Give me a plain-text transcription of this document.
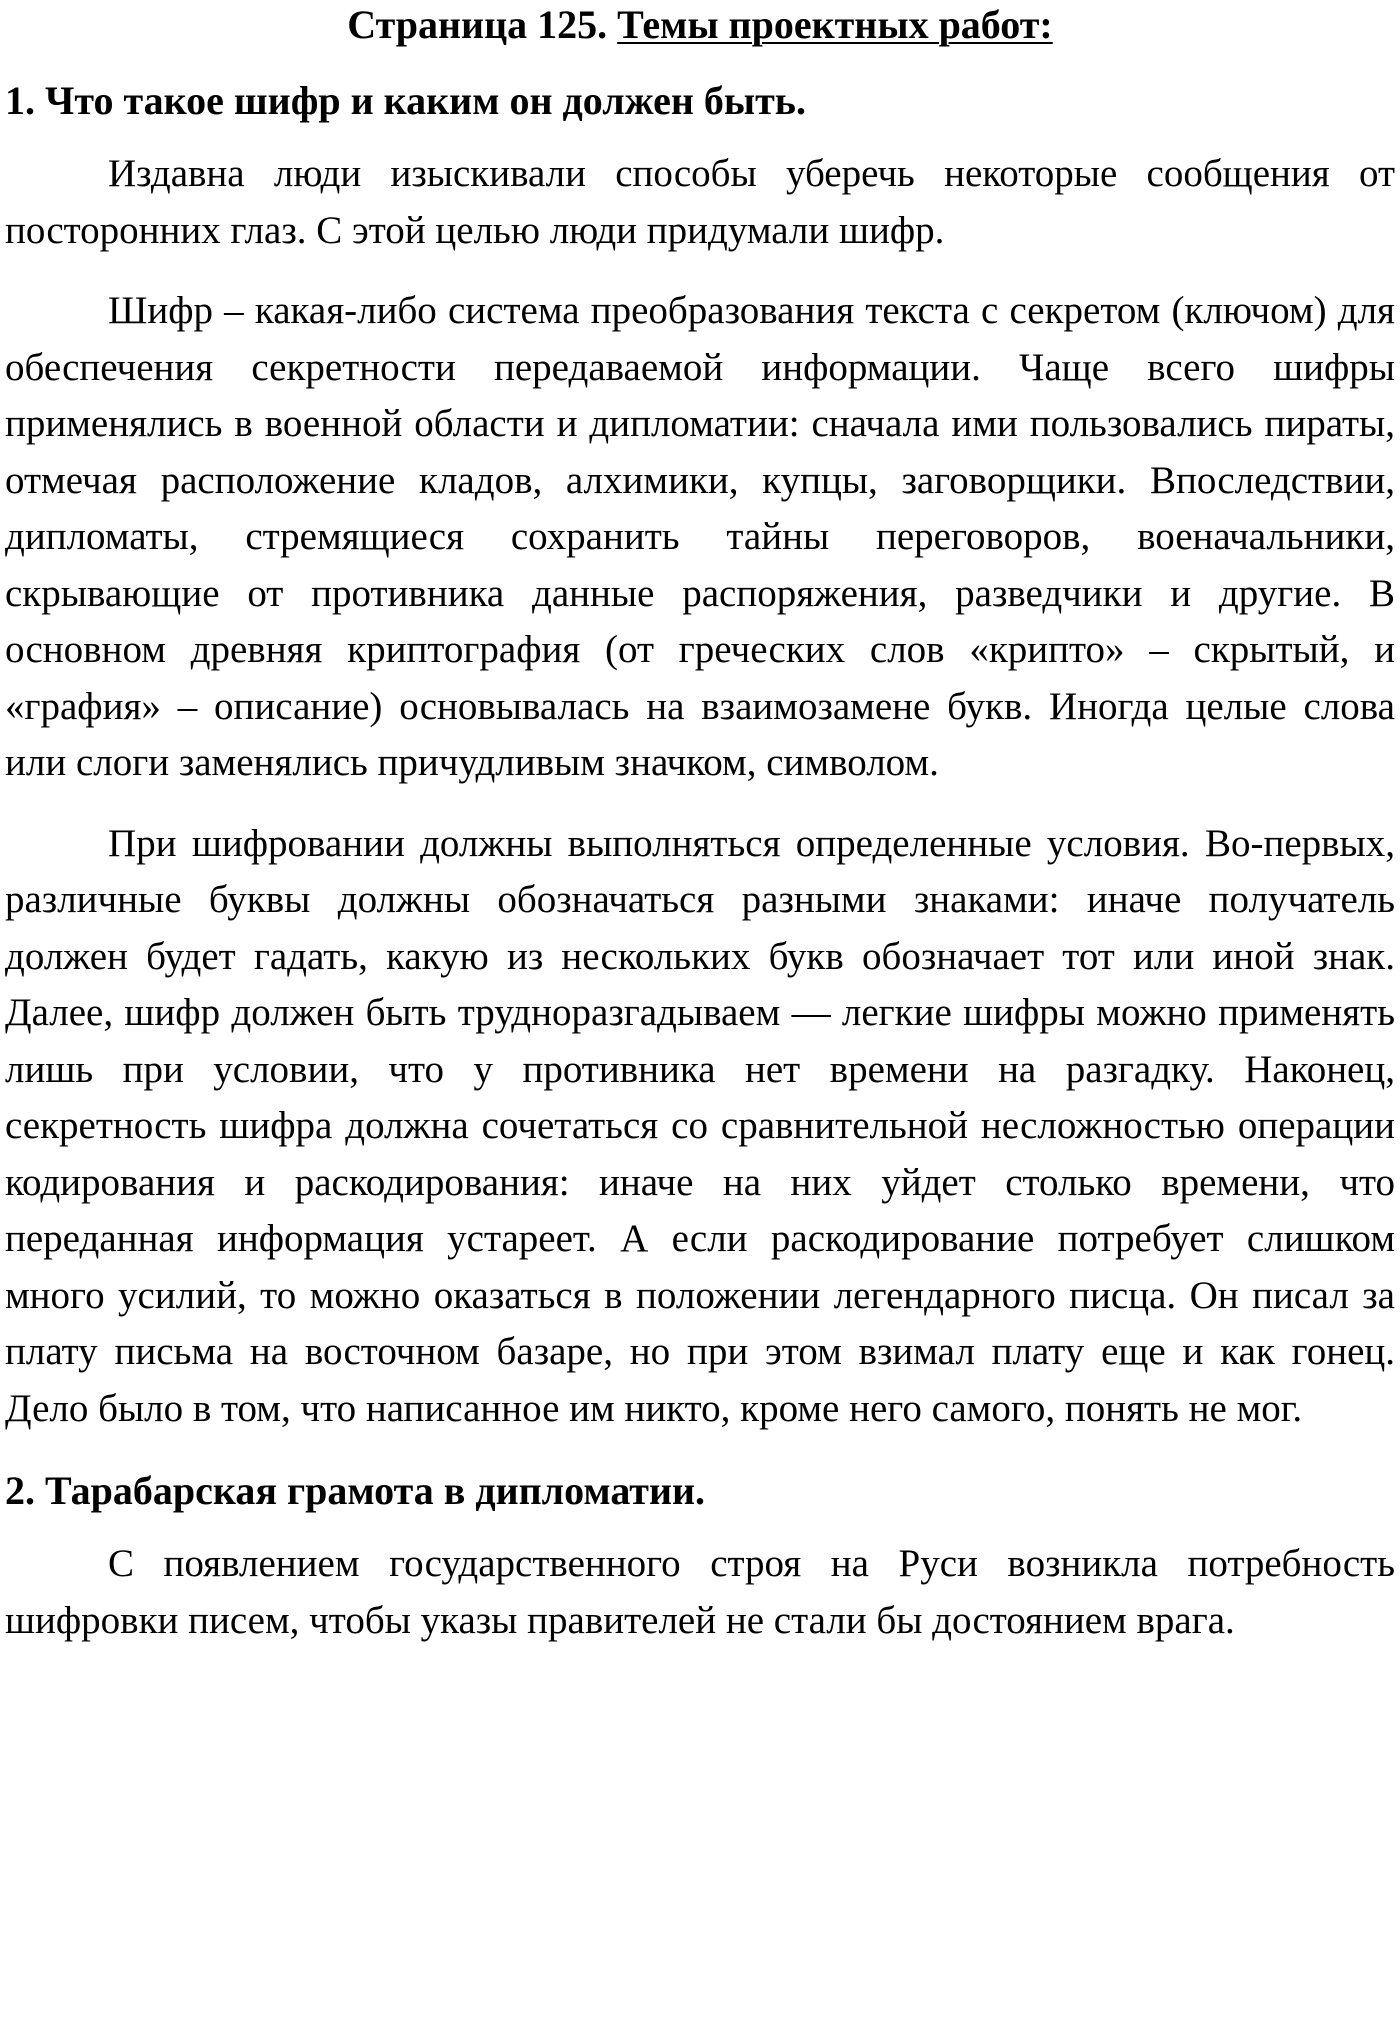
Страница 125. Темы проектных работ:
1. Что такое шифр и каким он должен быть.

Издавна люди изыскивали способы уберечь некоторые сообщения от посторонних глаз. С этой целью люди придумали шифр.

Шифр – какая-либо система преобразования текста с секретом (ключом) для обеспечения секретности передаваемой информации. Чаще всего шифры применялись в военной области и дипломатии: сначала ими пользовались пираты, отмечая расположение кладов, алхимики, купцы, заговорщики. Впоследствии, дипломаты, стремящиеся сохранить тайны переговоров, военачальники, скрывающие от противника данные распоряжения, разведчики и другие. В основном древняя криптография (от греческих слов «крипто» – скрытый, и «графия» – описание) основывалась на взаимозамене букв. Иногда целые слова или слоги заменялись причудливым значком, символом.

При шифровании должны выполняться определенные условия. Во-первых, различные буквы должны обозначаться разными знаками: иначе получатель должен будет гадать, какую из нескольких букв обозначает тот или иной знак. Далее, шифр должен быть трудноразгадываем — легкие шифры можно применять лишь при условии, что у противника нет времени на разгадку. Наконец, секретность шифра должна сочетаться со сравнительной несложностью операции кодирования и раскодирования: иначе на них уйдет столько времени, что переданная информация устареет. А если раскодирование потребует слишком много усилий, то можно оказаться в положении легендарного писца. Он писал за плату письма на восточном базаре, но при этом взимал плату еще и как гонец. Дело было в том, что написанное им никто, кроме него самого, понять не мог.

2. Тарабарская грамота в дипломатии.

С появлением государственного строя на Руси возникла потребность шифровки писем, чтобы указы правителей не стали бы достоянием врага.
